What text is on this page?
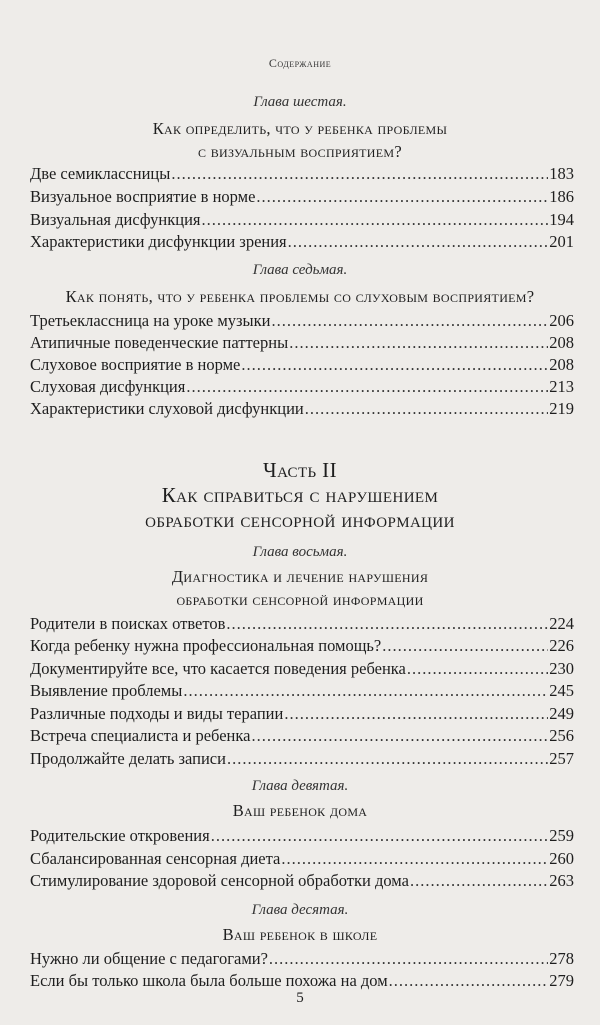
Содержание
Глава шестая.
Как определить, что у ребенка проблемы
с визуальным восприятием?
Две семиклассницы .....	183
Визуальное восприятие в норме .....	186
Визуальная дисфункция .....	194
Характеристики дисфункции зрения .....	201
Глава седьмая.
Как понять, что у ребенка проблемы со слуховым восприятием?
Третьеклассница на уроке музыки .....	206
Атипичные поведенческие паттерны .....	208
Слуховое восприятие в норме .....	208
Слуховая дисфункция .....	213
Характеристики слуховой дисфункции .....	219
Часть II
Как справиться с нарушением
обработки сенсорной информации
Глава восьмая.
Диагностика и лечение нарушения
обработки сенсорной информации
Родители в поисках ответов .....	224
Когда ребенку нужна профессиональная помощь? .....	226
Документируйте все, что касается поведения ребенка .....	230
Выявление проблемы .....	245
Различные подходы и виды терапии .....	249
Встреча специалиста и ребенка .....	256
Продолжайте делать записи .....	257
Глава девятая.
Ваш ребенок дома
Родительские откровения .....	259
Сбалансированная сенсорная диета .....	260
Стимулирование здоровой сенсорной обработки дома .....	263
Глава десятая.
Ваш ребенок в школе
Нужно ли общение с педагогами? .....	278
Если бы только школа была больше похожа на дом .....	279
5
